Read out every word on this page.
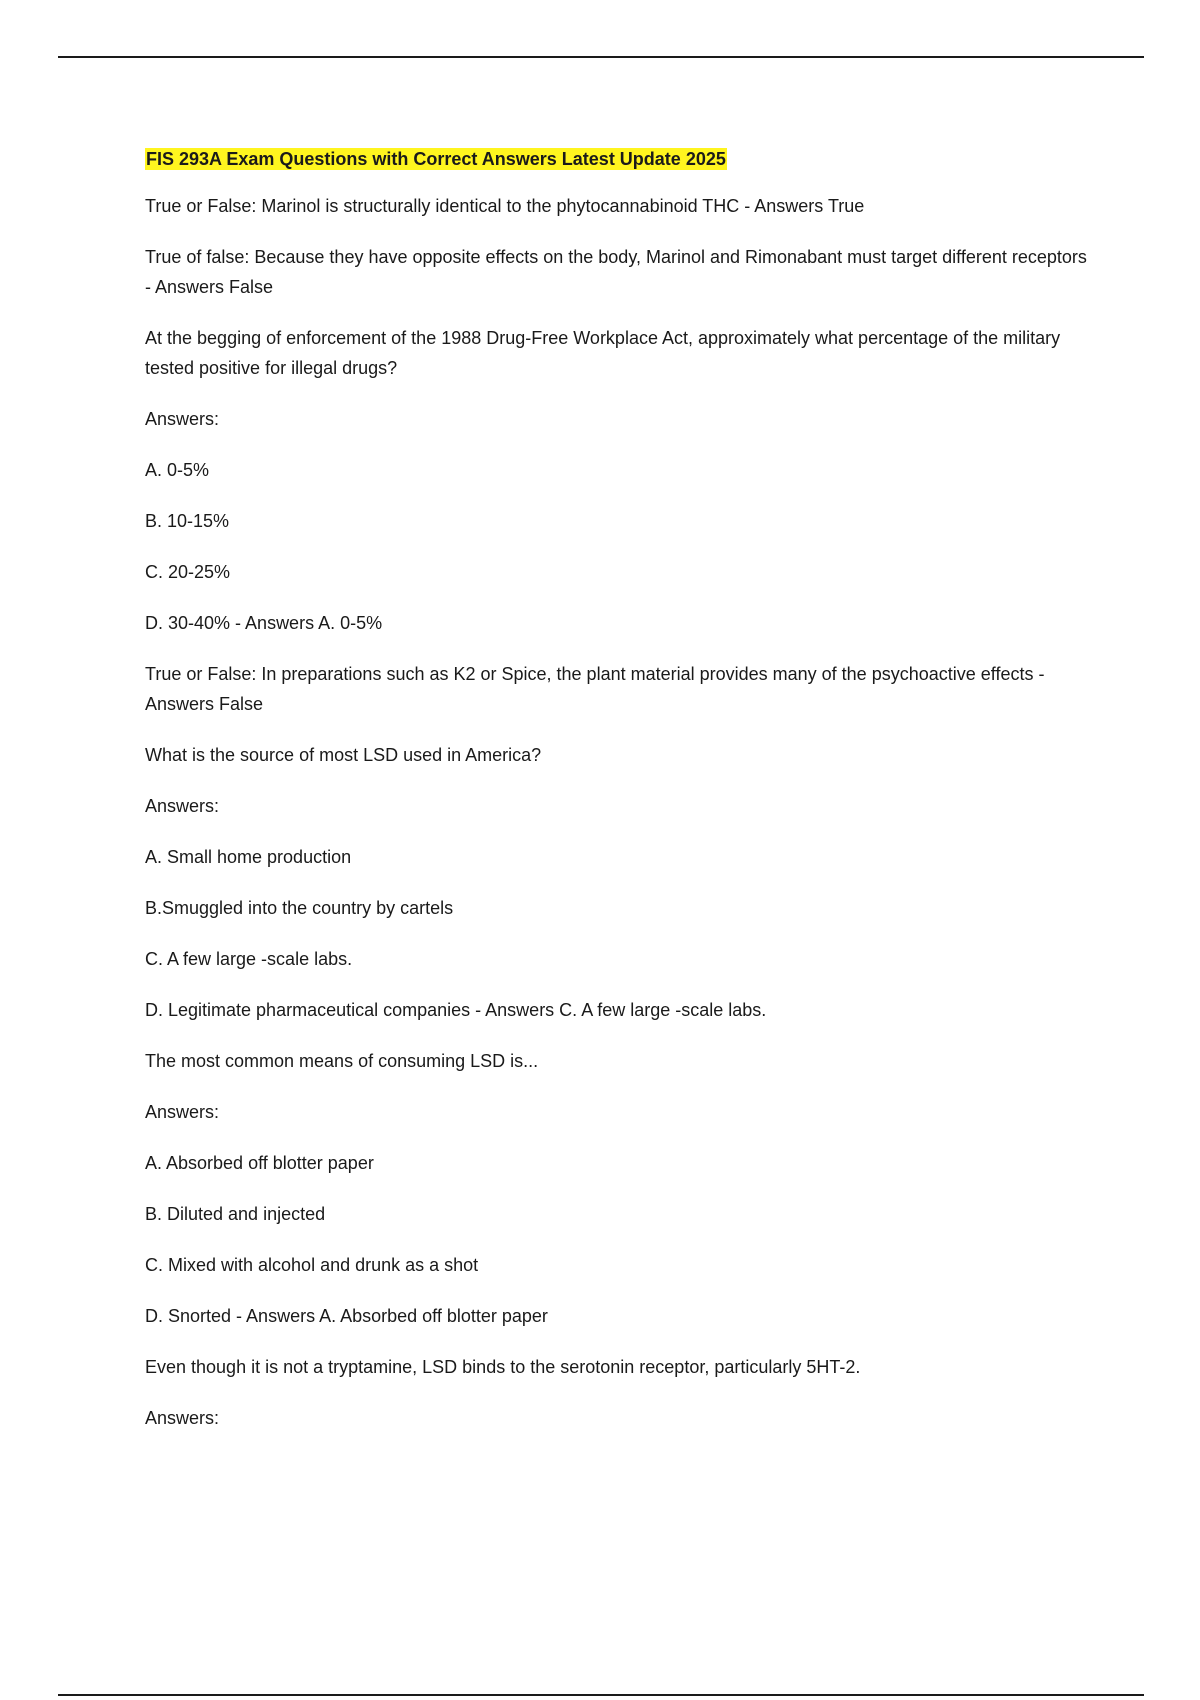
FIS 293A Exam Questions with Correct Answers Latest Update 2025

True or False: Marinol is structurally identical to the phytocannabinoid THC - Answers True

True of false: Because they have opposite effects on the body, Marinol and Rimonabant must target different receptors - Answers False

At the begging of enforcement of the 1988 Drug-Free Workplace Act, approximately what percentage of the military tested positive for illegal drugs?

Answers:

A. 0-5%

B. 10-15%

C. 20-25%

D. 30-40% - Answers A. 0-5%

True or False: In preparations such as K2 or Spice, the plant material provides many of the psychoactive effects - Answers False

What is the source of most LSD used in America?

Answers:

A. Small home production

B.Smuggled into the country by cartels

C. A few large -scale labs.

D. Legitimate pharmaceutical companies - Answers C. A few large -scale labs.

The most common means of consuming LSD is...

Answers:

A. Absorbed off blotter paper

B. Diluted and injected

C. Mixed with alcohol and drunk as a shot

D. Snorted - Answers A. Absorbed off blotter paper

Even though it is not a tryptamine, LSD binds to the serotonin receptor, particularly 5HT-2.

Answers:
